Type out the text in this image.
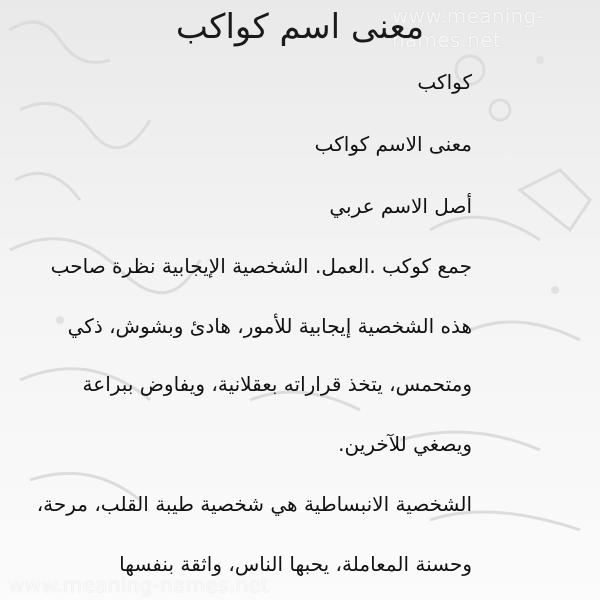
www.meaning-names.net
www.meaning-names.net
معنى اسم كواكب
كواكب
معنى الاسم كواكب
أصل الاسم عربي
جمع كوكب .العمل. الشخصية الإيجابية نظرة صاحب
هذه الشخصية إيجابية للأمور، هادئ وبشوش، ذكي
ومتحمس، يتخذ قراراته بعقلانية، ويفاوض ببراعة
ويصغي للآخرين.
الشخصية الانبساطية هي شخصية طيبة القلب، مرحة،
وحسنة المعاملة، يحبها الناس، واثقة بنفسها
